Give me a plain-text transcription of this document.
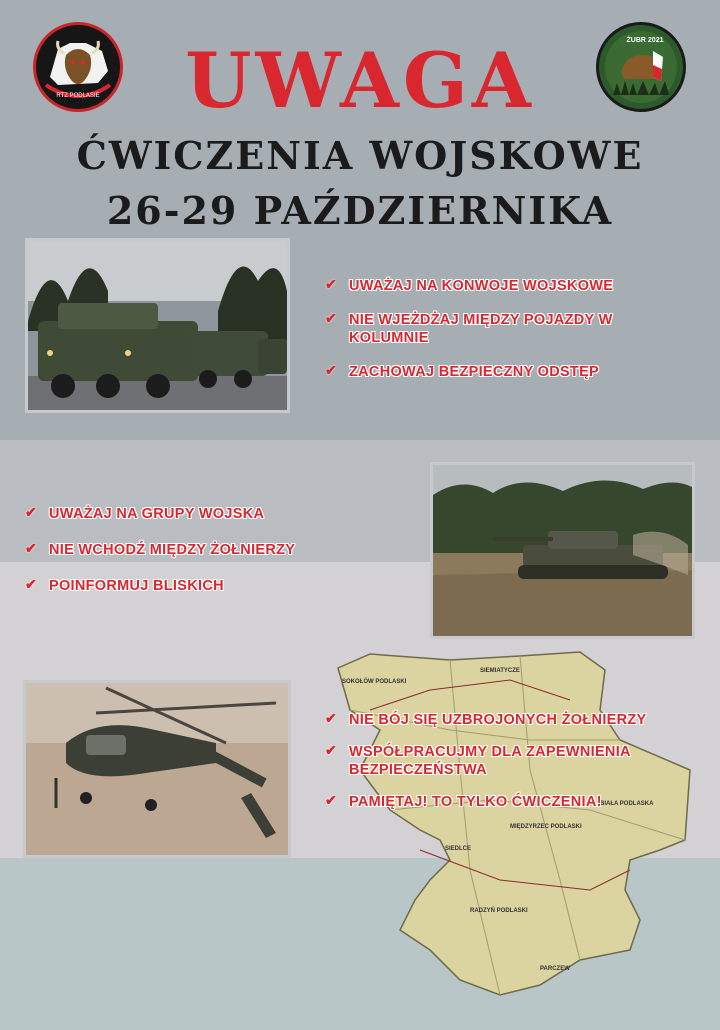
RTZ PODLASIE
ŻUBR 2021
UWAGA
ĆWICZENIA WOJSKOWE
26-29 PAŹDZIERNIKA
✔ UWAŻAJ NA KONWOJE WOJSKOWE
✔ NIE WJEŻDŻAJ MIĘDZY POJAZDY W KOLUMNIE
✔ ZACHOWAJ BEZPIECZNY ODSTĘP
✔ UWAŻAJ NA GRUPY WOJSKA
✔ NIE WCHODŹ MIĘDZY ŻOŁNIERZY
✔ POINFORMUJ BLISKICH
SOKOŁÓW PODLASKI
SIEMIATYCZE
SIEDLCE
BIAŁA PODLASKA
MIĘDZYRZEC PODLASKI
RADZYŃ PODLASKI
PARCZEW
✔ NIE BÓJ SIĘ UZBROJONYCH ŻOŁNIERZY
✔ WSPÓŁPRACUJMY DLA ZAPEWNIENIA BEZPIECZEŃSTWA
✔ PAMIĘTAJ! TO TYLKO ĆWICZENIA!
